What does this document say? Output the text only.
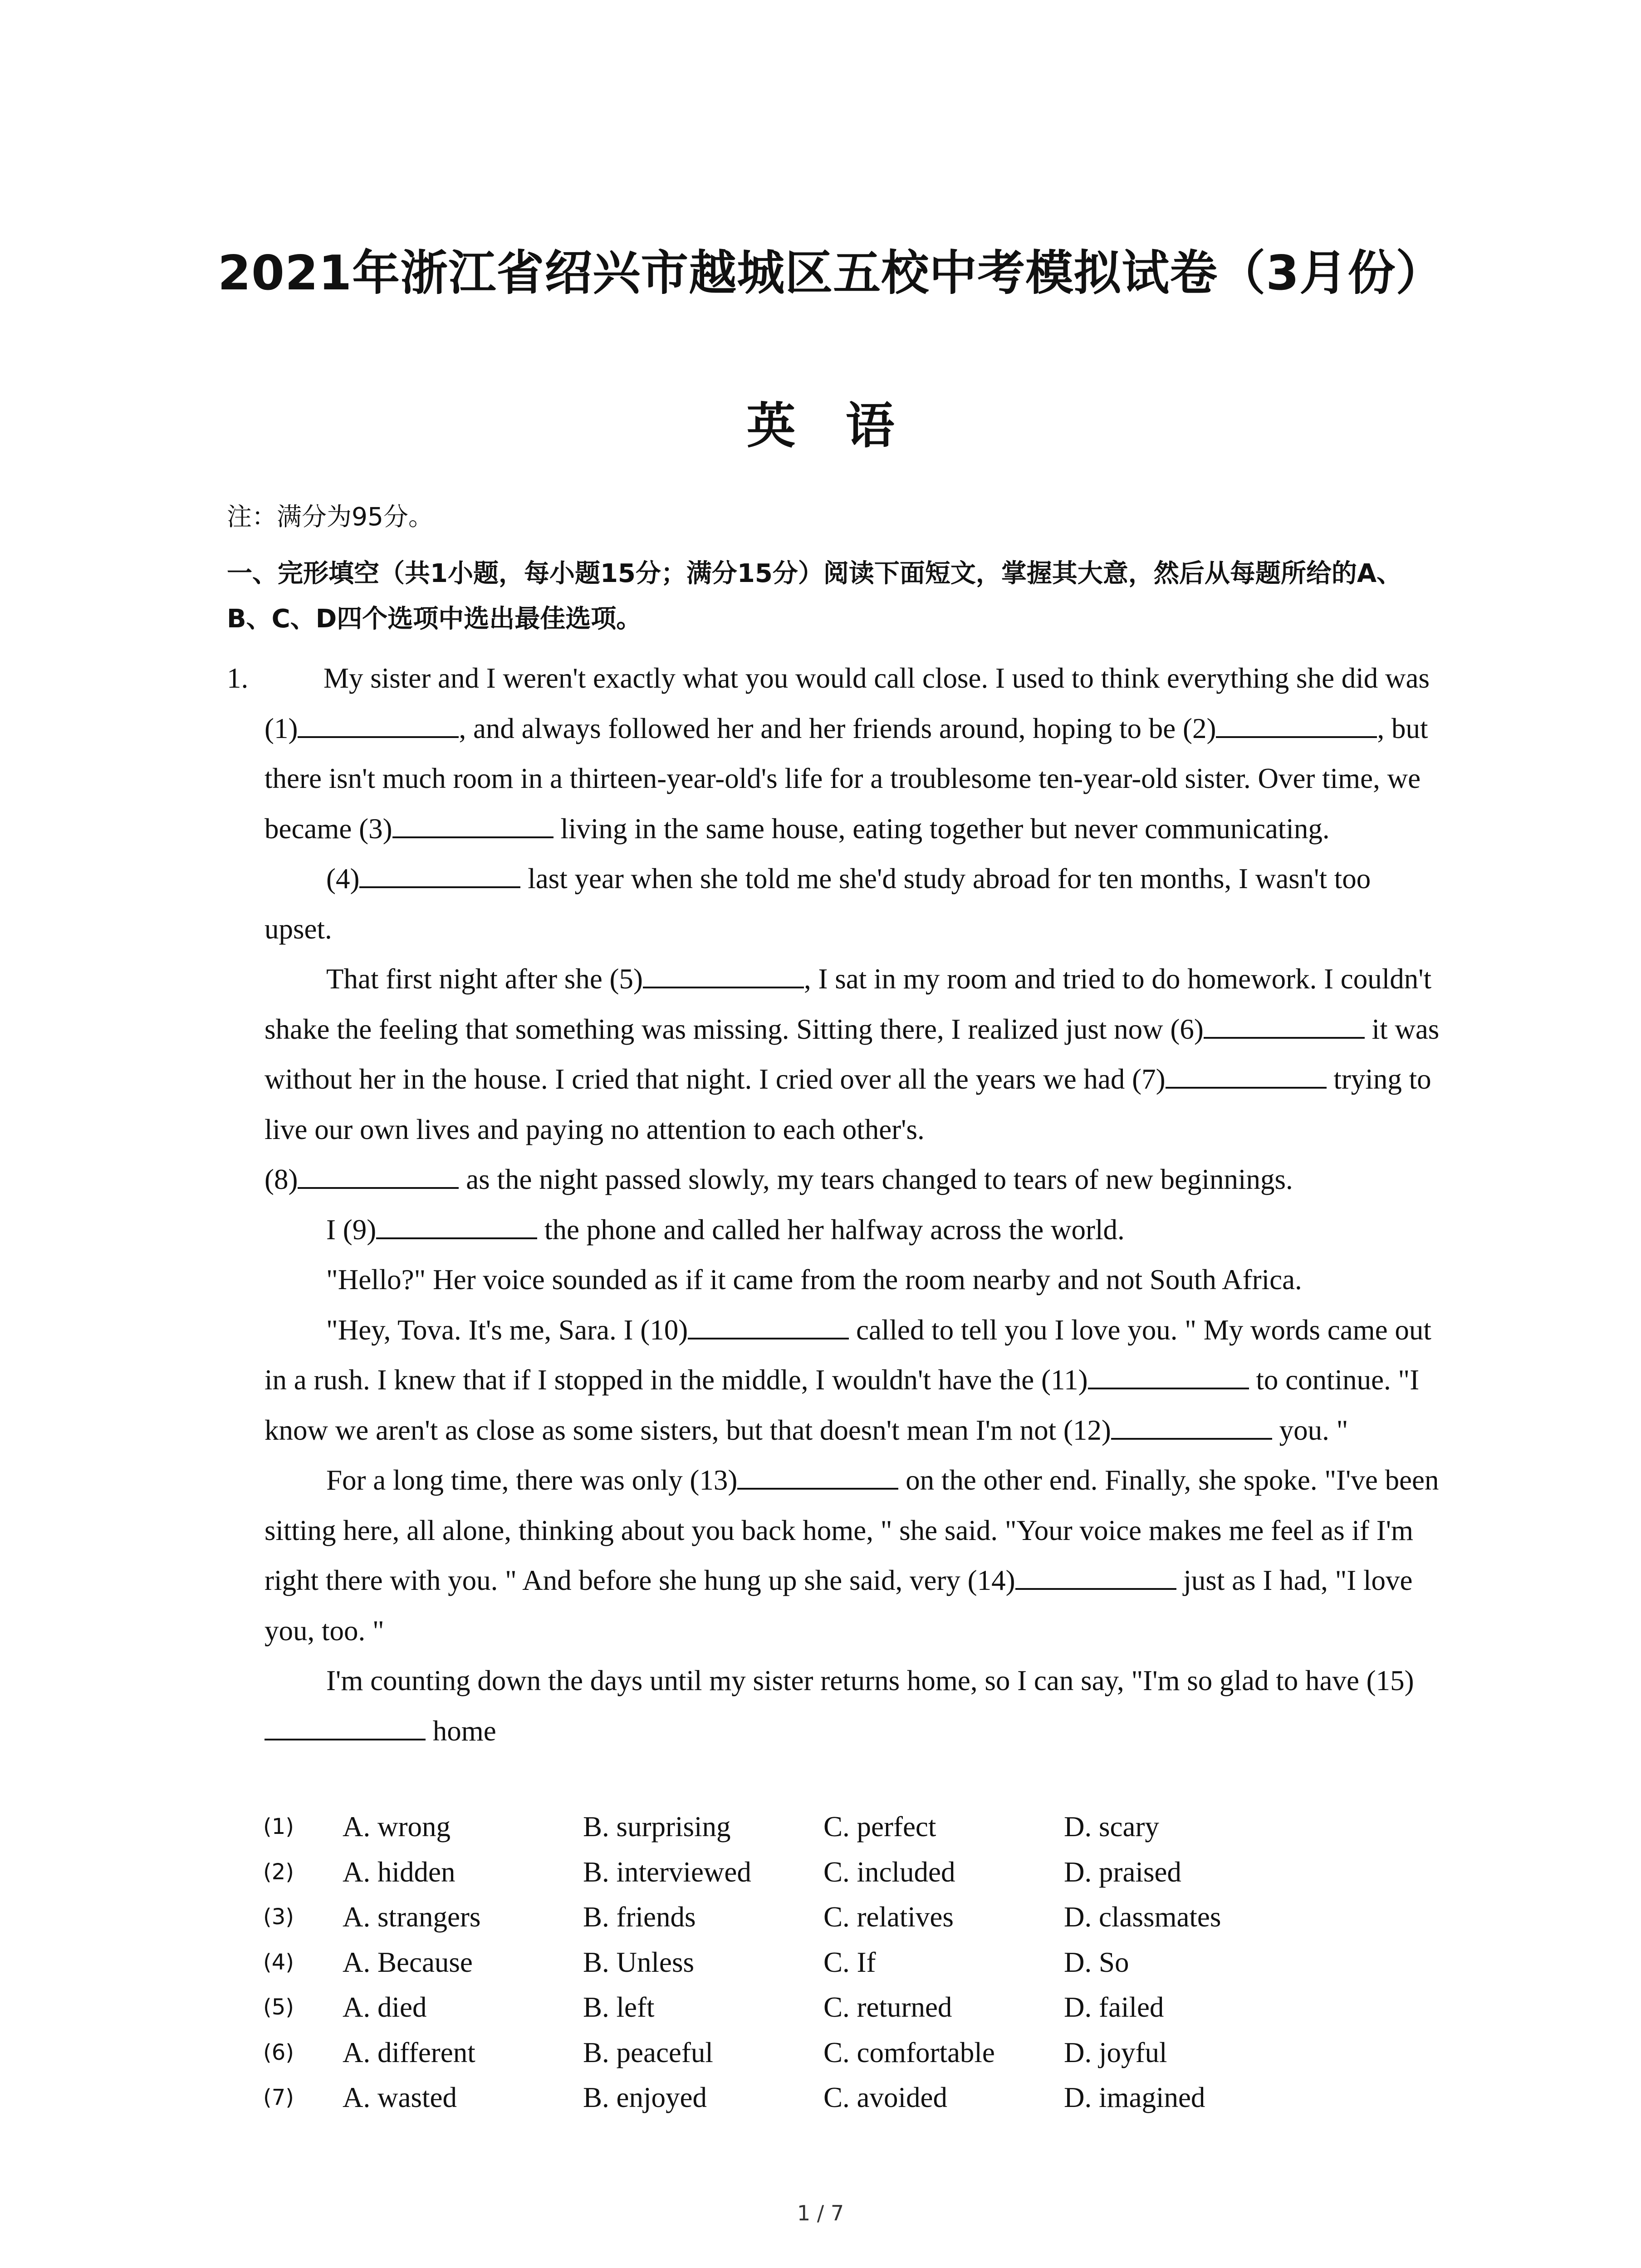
2021年浙江省绍兴市越城区五校中考模拟试卷（3月份）
英语
注：满分为95分。
一、完形填空（共1小题，每小题15分；满分15分）阅读下面短文，掌握其大意，然后从每题所给的A、B、C、D四个选项中选出最佳选项。

1.	My sister and I weren't exactly what you would call close. I used to think everything she did was (1)	, and always followed her and her friends around, hoping to be (2)	, but there isn't much room in a thirteen-year-old's life for a troublesome ten-year-old sister. Over time, we became (3)	living in the same house, eating together but never communicating.

(4)	last year when she told me she'd study abroad for ten months, I wasn't too upset.

That first night after she (5)	, I sat in my room and tried to do homework. I couldn't shake the feeling that something was missing. Sitting there, I realized just now (6)	it was without her in the house. I cried that night. I cried over all the years we had (7)	trying to live our own lives and paying no attention to each other's.

(8)	as the night passed slowly, my tears changed to tears of new beginnings.

I (9)	the phone and called her halfway across the world.

"Hello?" Her voice sounded as if it came from the room nearby and not South Africa.

"Hey, Tova. It's me, Sara. I (10)	called to tell you I love you. " My words came out in a rush. I knew that if I stopped in the middle, I wouldn't have the (11)	to continue. "I know we aren't as close as some sisters, but that doesn't mean I'm not (12)	you. "

For a long time, there was only (13)	on the other end. Finally, she spoke. "I've been sitting here, all alone, thinking about you back home, " she said. "Your voice makes me feel as if I'm right there with you. " And before she hung up she said, very (14)	just as I had, "I love you, too. "

I'm counting down the days until my sister returns home, so I can say, "I'm so glad to have (15) home

(1)	A. wrong	B. surprising	C. perfect	D. scary
(2)	A. hidden	B. interviewed	C. included	D. praised
(3)	A. strangers	B. friends	C. relatives	D. classmates
(4)	A. Because	B. Unless	C. If	D. So
(5)	A. died	B. left	C. returned	D. failed
(6)	A. different	B. peaceful	C. comfortable	D. joyful
(7)	A. wasted	B. enjoyed	C. avoided	D. imagined
1 / 7
